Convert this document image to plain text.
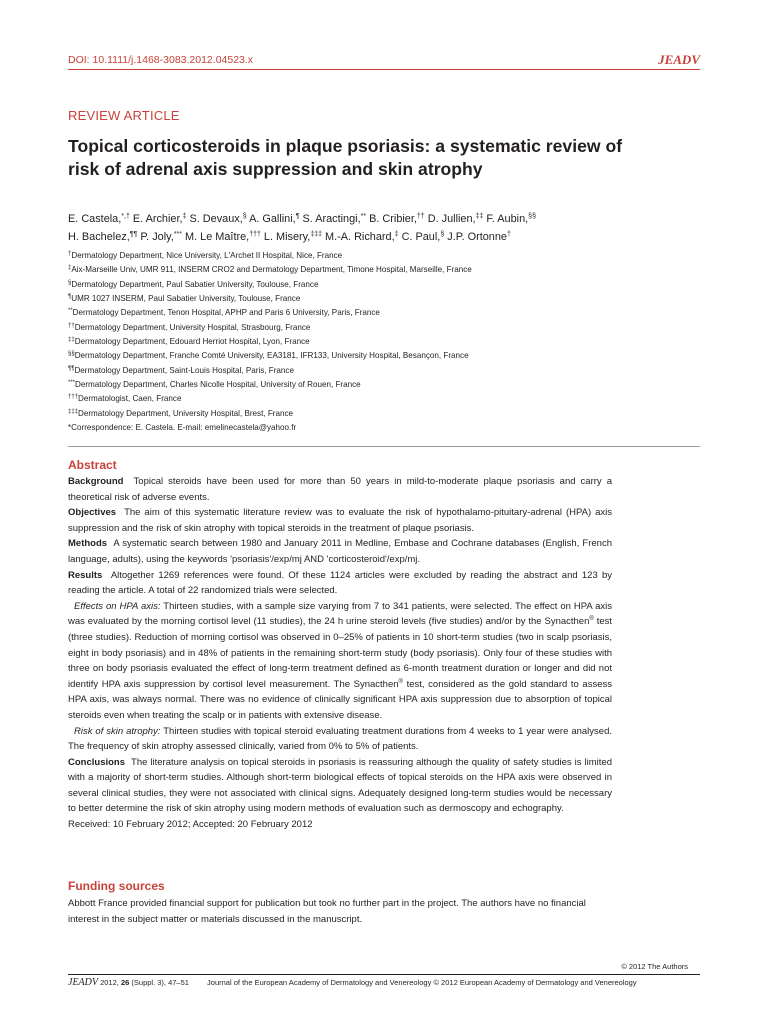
DOI: 10.1111/j.1468-3083.2012.04523.x	JEADV
REVIEW ARTICLE
Topical corticosteroids in plaque psoriasis: a systematic review of risk of adrenal axis suppression and skin atrophy
E. Castela,*,† E. Archier,‡ S. Devaux,§ A. Gallini,¶ S. Aractingi,** B. Cribier,†† D. Jullien,‡‡ F. Aubin,§§
H. Bachelez,¶¶ P. Joly,*** M. Le Maître,††† L. Misery,‡‡‡ M.-A. Richard,‡ C. Paul,§ J.P. Ortonne†
†Dermatology Department, Nice University, L'Archet II Hospital, Nice, France
‡Aix-Marseille Univ, UMR 911, INSERM CRO2 and Dermatology Department, Timone Hospital, Marseille, France
§Dermatology Department, Paul Sabatier University, Toulouse, France
¶UMR 1027 INSERM, Paul Sabatier University, Toulouse, France
**Dermatology Department, Tenon Hospital, APHP and Paris 6 University, Paris, France
††Dermatology Department, University Hospital, Strasbourg, France
‡‡Dermatology Department, Edouard Herriot Hospital, Lyon, France
§§Dermatology Department, Franche Comté University, EA3181, IFR133, University Hospital, Besançon, France
¶¶Dermatology Department, Saint-Louis Hospital, Paris, France
***Dermatology Department, Charles Nicolle Hospital, University of Rouen, France
†††Dermatologist, Caen, France
‡‡‡Dermatology Department, University Hospital, Brest, France
*Correspondence: E. Castela. E-mail: emelinecastela@yahoo.fr
Abstract

Background Topical steroids have been used for more than 50 years in mild-to-moderate plaque psoriasis and carry a theoretical risk of adverse events.

Objectives The aim of this systematic literature review was to evaluate the risk of hypothalamo-pituitary-adrenal (HPA) axis suppression and the risk of skin atrophy with topical steroids in the treatment of plaque psoriasis.

Methods A systematic search between 1980 and January 2011 in Medline, Embase and Cochrane databases (English, French language, adults), using the keywords 'psoriasis'/exp/mj AND 'corticosteroid'/exp/mj.

Results Altogether 1269 references were found. Of these 1124 articles were excluded by reading the abstract and 123 by reading the article. A total of 22 randomized trials were selected.

Effects on HPA axis: Thirteen studies, with a sample size varying from 7 to 341 patients, were selected. The effect on HPA axis was evaluated by the morning cortisol level (11 studies), the 24 h urine steroid levels (five studies) and/or by the Synacthen® test (three studies). Reduction of morning cortisol was observed in 0–25% of patients in 10 short-term studies (two in scalp psoriasis, eight in body psoriasis) and in 48% of patients in the remaining short-term study (body psoriasis). Only four of these studies with three on body psoriasis evaluated the effect of long-term treatment defined as 6-month treatment duration or longer and did not identify HPA axis suppression by cortisol level measurement. The Synacthen® test, considered as the gold standard to assess HPA axis, was always normal. There was no evidence of clinically significant HPA axis suppression due to absorption of topical steroids even when treating the scalp or in patients with extensive disease.

Risk of skin atrophy: Thirteen studies with topical steroid evaluating treatment durations from 4 weeks to 1 year were analysed. The frequency of skin atrophy assessed clinically, varied from 0% to 5% of patients.

Conclusions The literature analysis on topical steroids in psoriasis is reassuring although the quality of safety studies is limited with a majority of short-term studies. Although short-term biological effects of topical steroids on the HPA axis were observed in several clinical studies, they were not associated with clinical signs. Adequately designed long-term studies would be necessary to better determine the risk of skin atrophy using modern methods of evaluation such as dermoscopy and echography.

Received: 10 February 2012; Accepted: 20 February 2012

Funding sources

Abbott France provided financial support for publication but took no further part in the project. The authors have no financial interest in the subject matter or materials discussed in the manuscript.

© 2012 The Authors
JEADV 2012, 26 (Suppl. 3), 47–51 Journal of the European Academy of Dermatology and Venereology © 2012 European Academy of Dermatology and Venereology
